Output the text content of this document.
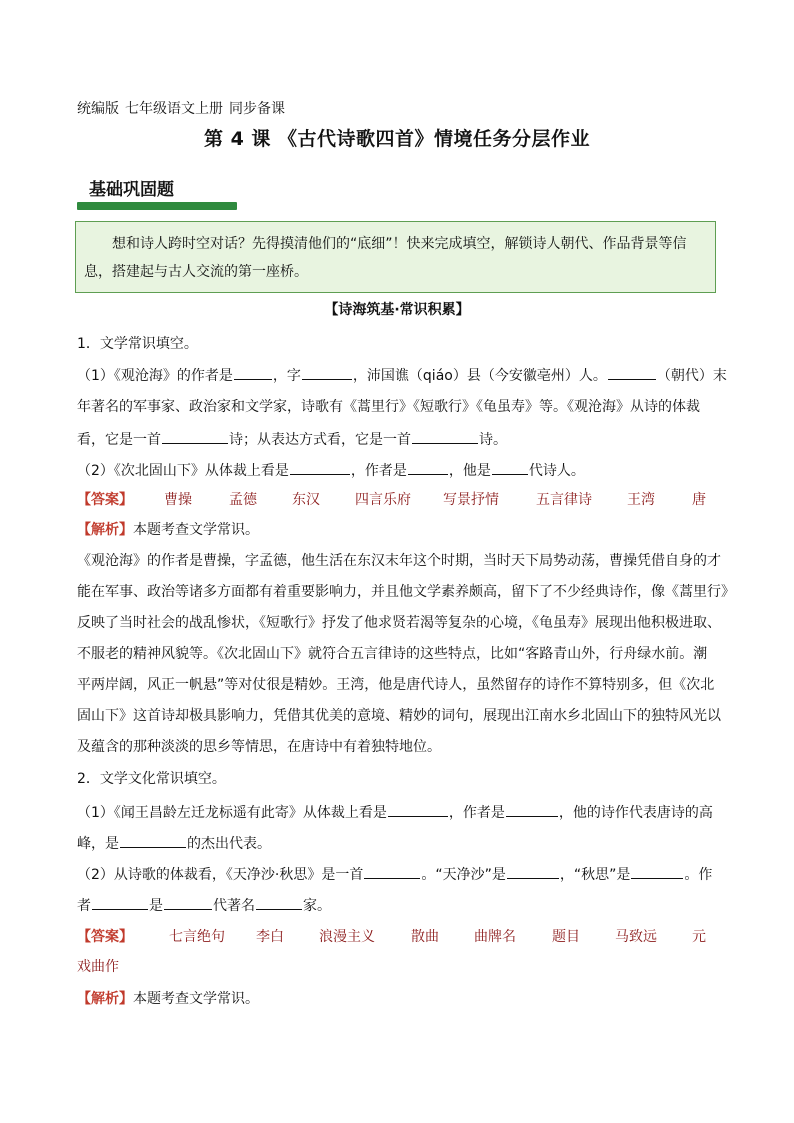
统编版 七年级语文上册 同步备课
第 4 课 《古代诗歌四首》情境任务分层作业
基础巩固题

想和诗人跨时空对话？先得摸清他们的“底细”！快来完成填空，解锁诗人朝代、作品背景等信息，搭建起与古人交流的第一座桥。

【诗海筑基·常识积累】
1．文学常识填空。
（1）《观沧海》的作者是	，字	，沛国谯（qiáo）县（今安徽亳州）人。	（朝代）末
年著名的军事家、政治家和文学家，诗歌有《蒿里行》《短歌行》《龟虽寿》等。《观沧海》从诗的体裁
看，它是一首	诗；从表达方式看，它是一首	诗。
（2）《次北固山下》从体裁上看是	，作者是	，他是	代诗人。
【答案】 曹操	孟德	东汉	四言乐府 写景抒情	五言律诗	王湾	唐
【解析】本题考查文学常识。
《观沧海》的作者是曹操，字孟德，他生活在东汉末年这个时期，当时天下局势动荡，曹操凭借自身的才
能在军事、政治等诸多方面都有着重要影响力，并且他文学素养颇高，留下了不少经典诗作，像《蒿里行》
反映了当时社会的战乱惨状，《短歌行》抒发了他求贤若渴等复杂的心境，《龟虽寿》展现出他积极进取、
不服老的精神风貌等。《次北固山下》就符合五言律诗的这些特点，比如“客路青山外，行舟绿水前。潮
平两岸阔，风正一帆悬”等对仗很是精妙。王湾，他是唐代诗人，虽然留存的诗作不算特别多，但《次北
固山下》这首诗却极具影响力，凭借其优美的意境、精妙的词句，展现出江南水乡北固山下的独特风光以
及蕴含的那种淡淡的思乡等情思，在唐诗中有着独特地位。
2．文学文化常识填空。
（1）《闻王昌龄左迁龙标遥有此寄》从体裁上看是	，作者是	，他的诗作代表唐诗的高
峰，是	的杰出代表。
（2）从诗歌的体裁看，《天净沙·秋思》是一首	。“天净沙”是	，“秋思”是	。作
者	是	代著名	家。
【答案】	七言绝句 李白	浪漫主义	散曲	曲牌名	题目	马致远	元
戏曲作
【解析】本题考查文学常识。
